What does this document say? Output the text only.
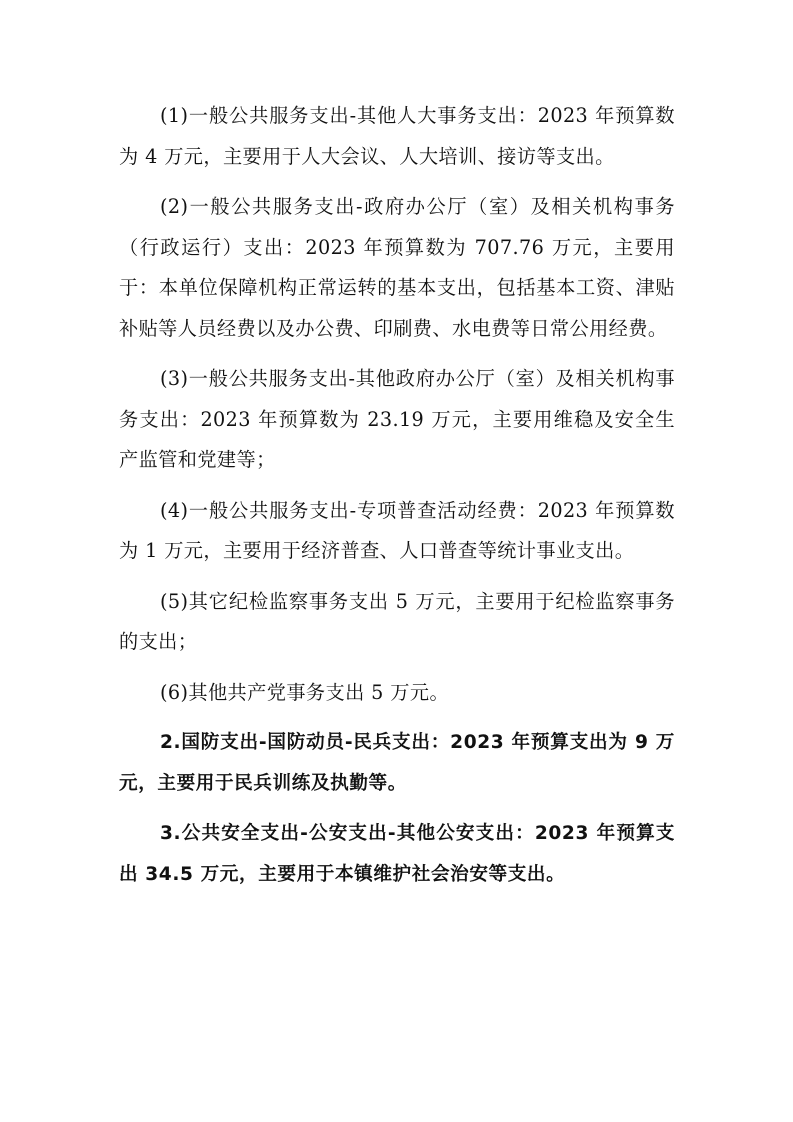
(1)一般公共服务支出-其他人大事务支出：2023 年预算数为 4 万元，主要用于人大会议、人大培训、接访等支出。

(2)一般公共服务支出-政府办公厅（室）及相关机构事务（行政运行）支出：2023 年预算数为 707.76 万元，主要用于：本单位保障机构正常运转的基本支出，包括基本工资、津贴补贴等人员经费以及办公费、印刷费、水电费等日常公用经费。

(3)一般公共服务支出-其他政府办公厅（室）及相关机构事务支出：2023 年预算数为 23.19 万元，主要用维稳及安全生产监管和党建等；

(4)一般公共服务支出-专项普查活动经费：2023 年预算数为 1 万元，主要用于经济普查、人口普查等统计事业支出。

(5)其它纪检监察事务支出 5 万元，主要用于纪检监察事务的支出；

(6)其他共产党事务支出 5 万元。

2.国防支出-国防动员-民兵支出：2023 年预算支出为 9 万元，主要用于民兵训练及执勤等。

3.公共安全支出-公安支出-其他公安支出：2023 年预算支出 34.5 万元，主要用于本镇维护社会治安等支出。
